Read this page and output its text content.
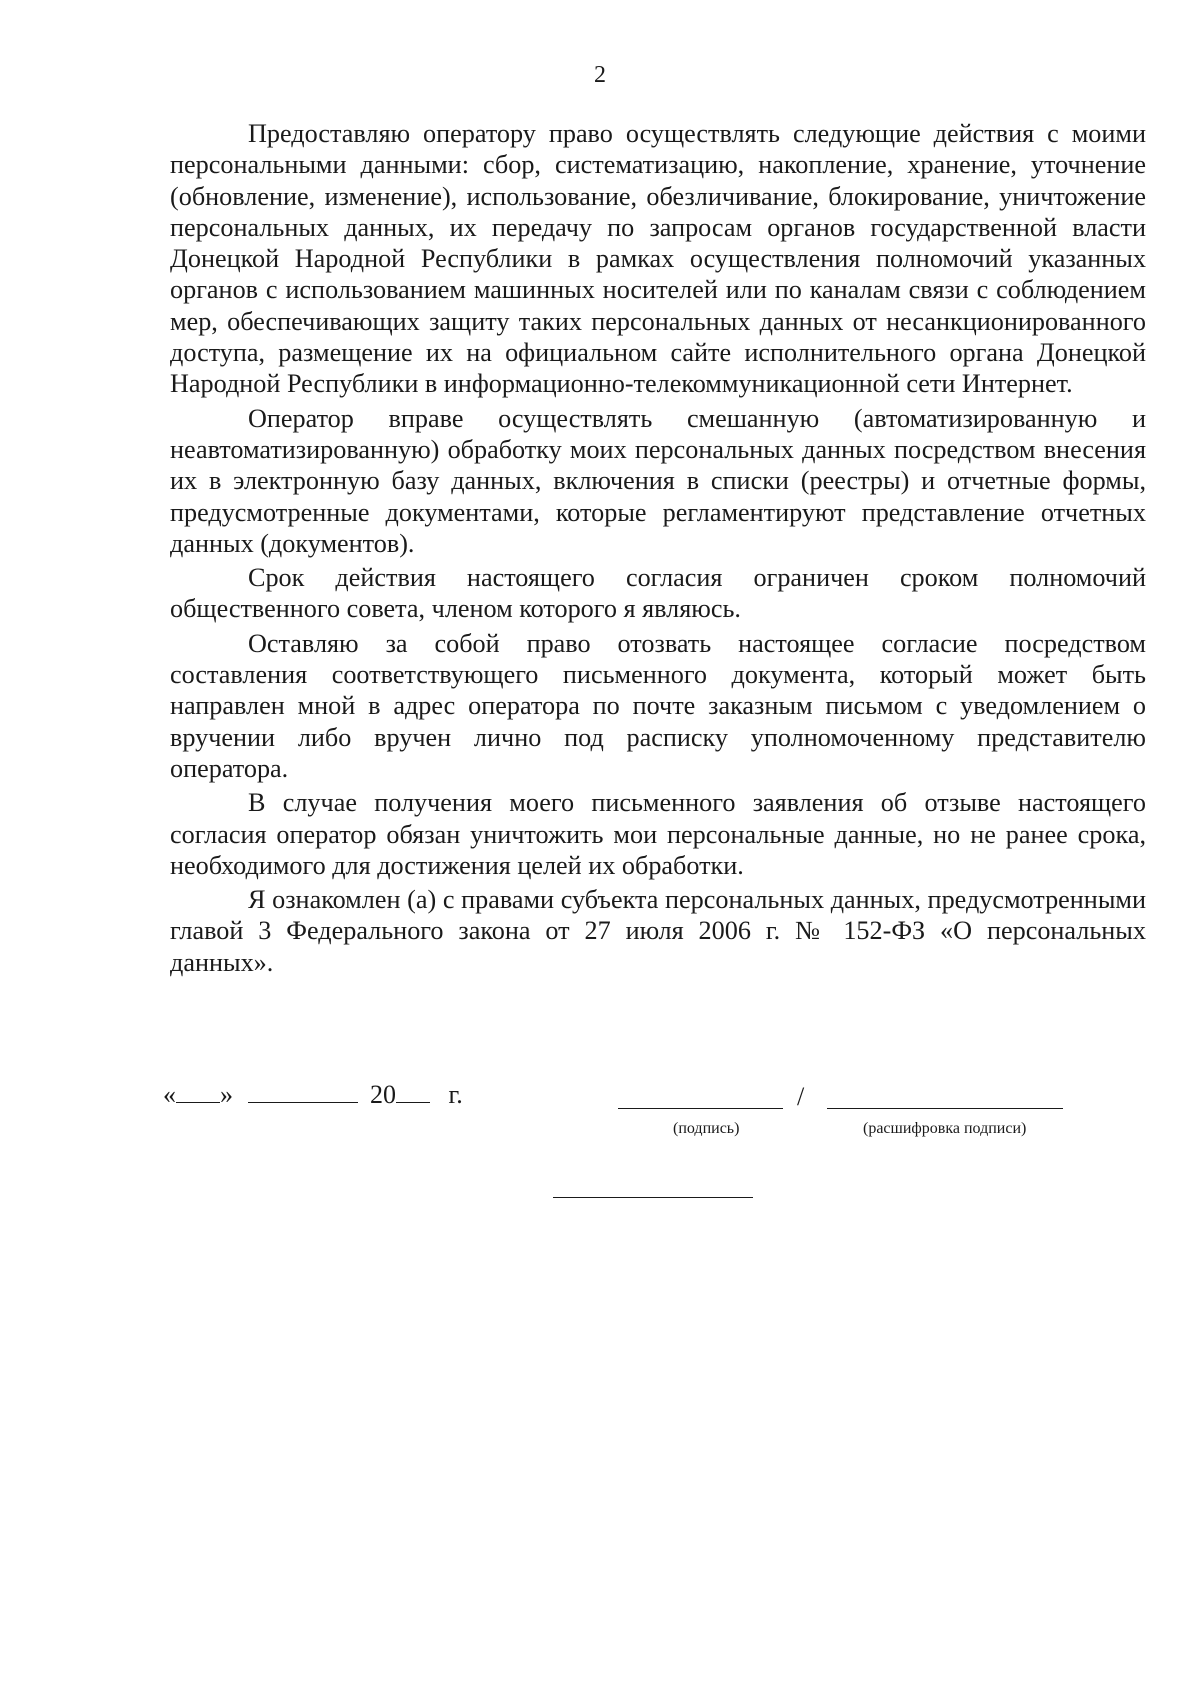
2

Предоставляю оператору право осуществлять следующие действия с моими персональными данными: сбор, систематизацию, накопление, хранение, уточнение (обновление, изменение), использование, обезличивание, блокирование, уничтожение персональных данных, их передачу по запросам органов государственной власти Донецкой Народной Республики в рамках осуществления полномочий указанных органов с использованием машинных носителей или по каналам связи с соблюдением мер, обеспечивающих защиту таких персональных данных от несанкционированного доступа, размещение их на официальном сайте исполнительного органа Донецкой Народной Республики в информационно-телекоммуникационной сети Интернет.

Оператор вправе осуществлять смешанную (автоматизированную и неавтоматизированную) обработку моих персональных данных посредством внесения их в электронную базу данных, включения в списки (реестры) и отчетные формы, предусмотренные документами, которые регламентируют представление отчетных данных (документов).

Срок действия настоящего согласия ограничен сроком полномочий общественного совета, членом которого я являюсь.

Оставляю за собой право отозвать настоящее согласие посредством составления соответствующего письменного документа, который может быть направлен мной в адрес оператора по почте заказным письмом с уведомлением о вручении либо вручен лично под расписку уполномоченному представителю оператора.

В случае получения моего письменного заявления об отзыве настоящего согласия оператор обязан уничтожить мои персональные данные, но не ранее срока, необходимого для достижения целей их обработки.

Я ознакомлен (а) с правами субъекта персональных данных, предусмотренными главой 3 Федерального закона от 27 июля 2006 г. № 152-ФЗ «О персональных данных».

« »	20 г.	/
(подпись)	(расшифровка подписи)
